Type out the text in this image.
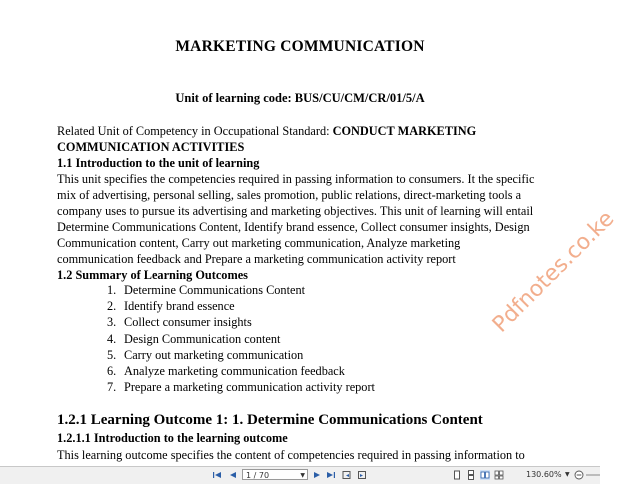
MARKETING COMMUNICATION
Unit of learning code: BUS/CU/CM/CR/01/5/A
Related Unit of Competency in Occupational Standard: CONDUCT MARKETING
COMMUNICATION ACTIVITIES
1.1 Introduction to the unit of learning
This unit specifies the competencies required in passing information to consumers. It the specific
mix of advertising, personal selling, sales promotion, public relations, direct-marketing tools a
company uses to pursue its advertising and marketing objectives. This unit of learning will entail
Determine Communications Content, Identify brand essence, Collect consumer insights, Design
Communication content, Carry out marketing communication, Analyze marketing
communication feedback and Prepare a marketing communication activity report
1.2 Summary of Learning Outcomes
1. Determine Communications Content
2. Identify brand essence
3. Collect consumer insights
4. Design Communication content
5. Carry out marketing communication
6. Analyze marketing communication feedback
7. Prepare a marketing communication activity report
1.2.1 Learning Outcome 1: 1. Determine Communications Content
1.2.1.1 Introduction to the learning outcome
This learning outcome specifies the content of competencies required in passing information to
Pdfnotes.co.ke
1 / 70	▼	130.60% ▼
